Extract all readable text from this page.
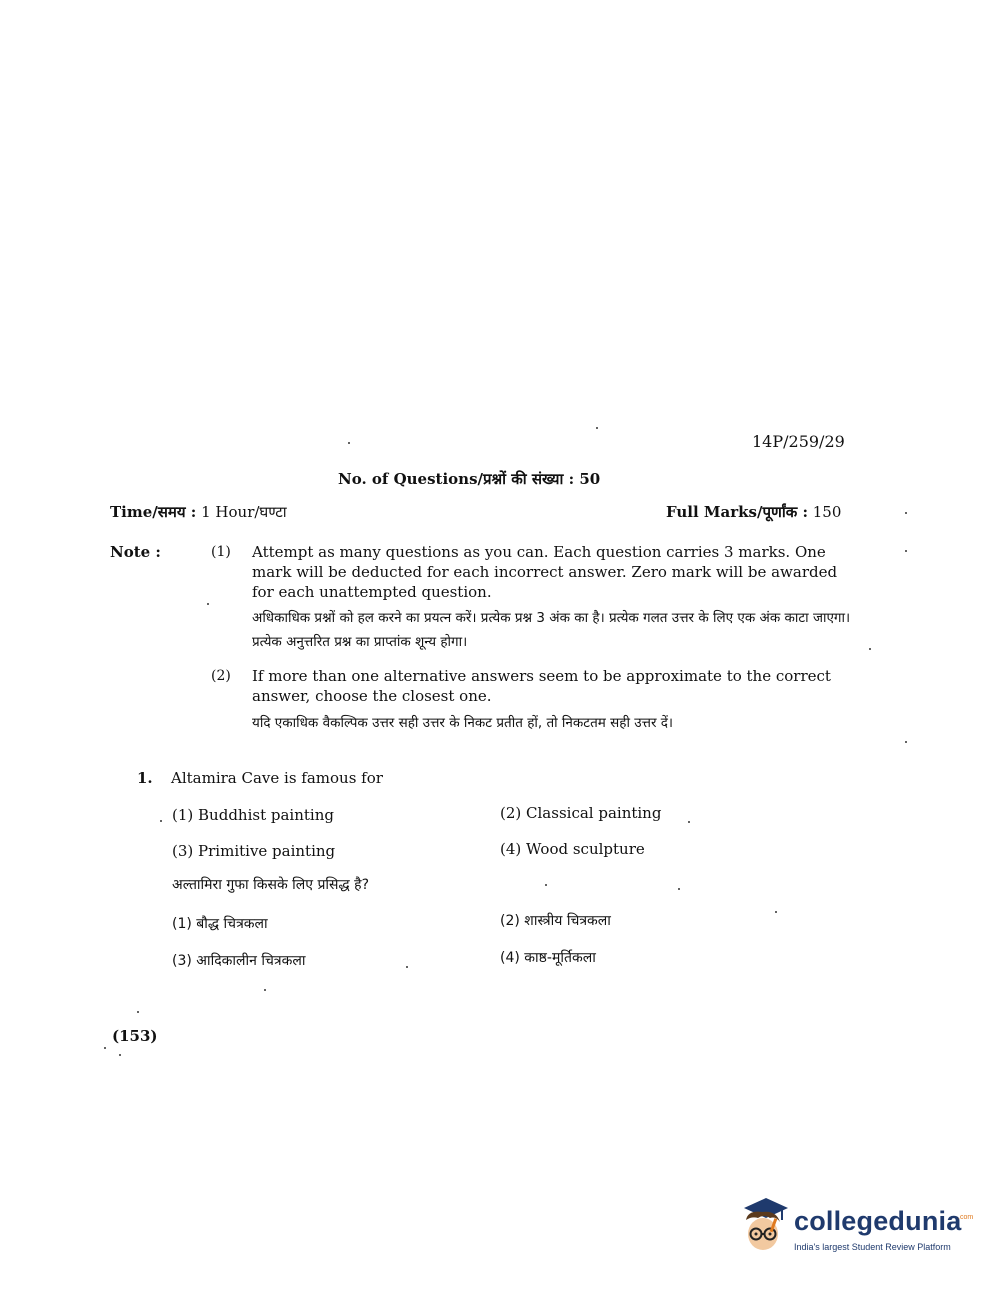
14P/259/29
No. of Questions/प्रश्नों की संख्या : 50
Time/समय : 1 Hour/घण्टा	Full Marks/पूर्णांक : 150
Note :	(1) Attempt as many questions as you can. Each question carries 3 marks. One mark will be deducted for each incorrect answer. Zero mark will be awarded for each unattempted question.
अधिकाधिक प्रश्नों को हल करने का प्रयत्न करें। प्रत्येक प्रश्न 3 अंक का है। प्रत्येक गलत उत्तर के लिए एक अंक काटा जाएगा। प्रत्येक अनुत्तरित प्रश्न का प्राप्तांक शून्य होगा।
(2) If more than one alternative answers seem to be approximate to the correct answer, choose the closest one.
यदि एकाधिक वैकल्पिक उत्तर सही उत्तर के निकट प्रतीत हों, तो निकटतम सही उत्तर दें।
1. Altamira Cave is famous for
(1) Buddhist painting	(2) Classical painting
(3) Primitive painting	(4) Wood sculpture
अल्तामिरा गुफा किसके लिए प्रसिद्ध है?
(1) बौद्ध चित्रकला	(2) शास्त्रीय चित्रकला
(3) आदिकालीन चित्रकला	(4) काष्ठ-मूर्तिकला
(153)
collegedunia
.com
India's largest Student Review Platform
